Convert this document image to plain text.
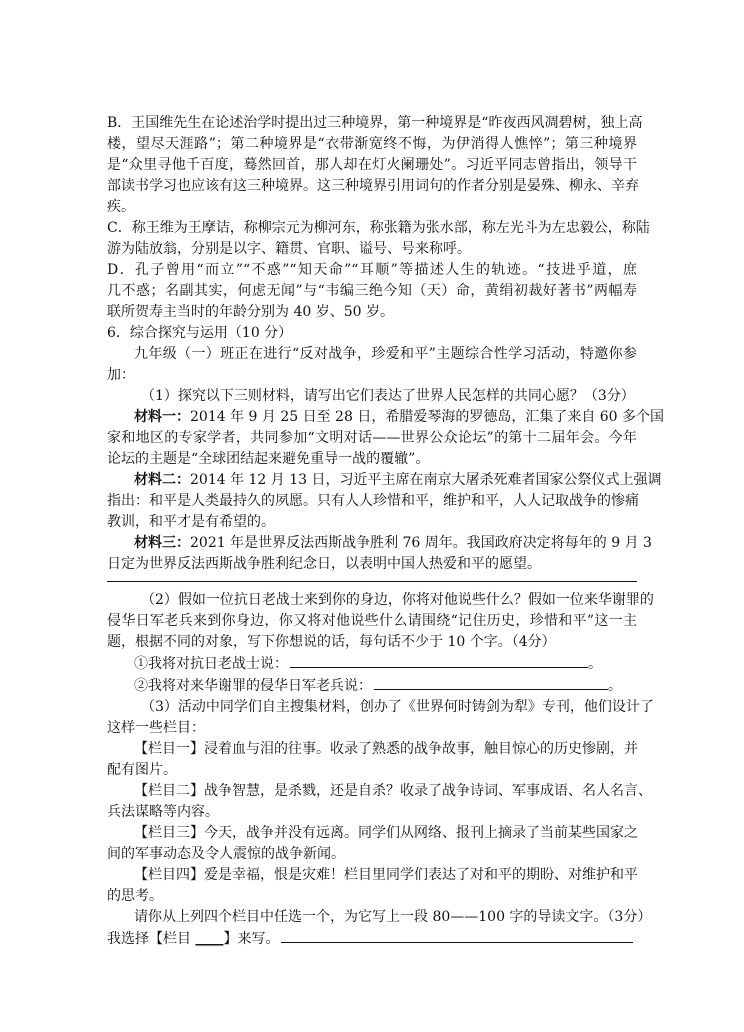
B．王国维先生在论述治学时提出过三种境界，第一种境界是“昨夜西风凋碧树，独上高

楼，望尽天涯路”；第二种境界是“衣带渐宽终不悔，为伊消得人憔悴”；第三种境界

是“众里寻他千百度，蓦然回首，那人却在灯火阑珊处”。习近平同志曾指出，领导干

部读书学习也应该有这三种境界。这三种境界引用词句的作者分别是晏殊、柳永、辛弃

疾。

C．称王维为王摩诘，称柳宗元为柳河东，称张籍为张水部，称左光斗为左忠毅公，称陆

游为陆放翁，分别是以字、籍贯、官职、谥号、号来称呼。

D．孔子曾用“而立”“不惑”“知天命”“耳顺”等描述人生的轨迹。“技进乎道，庶

几不惑；名副其实，何虑无闻”与“韦编三绝今知（天）命，黄绢初裁好著书”两幅寿

联所贺寿主当时的年龄分别为 40 岁、50 岁。

6．综合探究与运用（10 分）

九年级（一）班正在进行“反对战争，珍爱和平”主题综合性学习活动，特邀你参

加：

（1）探究以下三则材料，请写出它们表达了世界人民怎样的共同心愿？（3分）

材料一：2014 年 9 月 25 日至 28 日，希腊爱琴海的罗德岛，汇集了来自 60 多个国

家和地区的专家学者，共同参加“文明对话——世界公众论坛”的第十二届年会。今年

论坛的主题是“全球团结起来避免重导一战的覆辙”。

材料二：2014 年 12 月 13 日，习近平主席在南京大屠杀死难者国家公祭仪式上强调

指出：和平是人类最持久的夙愿。只有人人珍惜和平，维护和平，人人记取战争的惨痛

教训，和平才是有希望的。

材料三：2021 年是世界反法西斯战争胜利 76 周年。我国政府决定将每年的 9 月 3

日定为世界反法西斯战争胜利纪念日，以表明中国人热爱和平的愿望。

（2）假如一位抗日老战士来到你的身边，你将对他说些什么？假如一位来华谢罪的

侵华日军老兵来到你身边，你又将对他说些什么请围绕“记住历史，珍惜和平”这一主

题，根据不同的对象，写下你想说的话，每句话不少于 10 个字。（4分）

①我将对抗日老战士说：	。

②我将对来华谢罪的侵华日军老兵说：	。

（3）活动中同学们自主搜集材料，创办了《世界何时铸剑为犁》专刊，他们设计了

这样一些栏目：

【栏目一】浸着血与泪的往事。收录了熟悉的战争故事，触目惊心的历史惨剧，并

配有图片。

【栏目二】战争智慧，是杀戮，还是自杀？收录了战争诗词、军事成语、名人名言、

兵法谋略等内容。

【栏目三】今天，战争并没有远离。同学们从网络、报刊上摘录了当前某些国家之

间的军事动态及令人震惊的战争新闻。

【栏目四】爱是幸福，恨是灾难！栏目里同学们表达了对和平的期盼、对维护和平

的思考。

请你从上列四个栏目中任选一个，为它写上一段 80——100 字的导读文字。（3分）

我选择【栏目 ____】来写。
